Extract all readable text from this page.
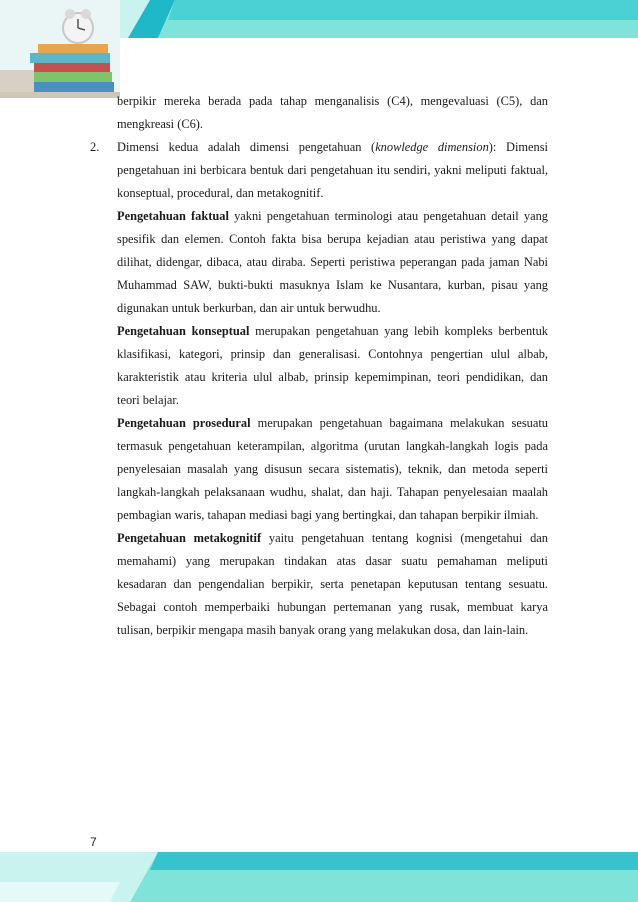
berpikir mereka berada pada tahap menganalisis (C4), mengevaluasi (C5), dan mengkreasi (C6).

2.	Dimensi kedua adalah dimensi pengetahuan (knowledge dimension): Dimensi pengetahuan ini berbicara bentuk dari pengetahuan itu sendiri, yakni meliputi faktual, konseptual, procedural, dan metakognitif.

Pengetahuan faktual yakni pengetahuan terminologi atau pengetahuan detail yang spesifik dan elemen. Contoh fakta bisa berupa kejadian atau peristiwa yang dapat dilihat, didengar, dibaca, atau diraba. Seperti peristiwa peperangan pada jaman Nabi Muhammad SAW, bukti-bukti masuknya Islam ke Nusantara, kurban, pisau yang digunakan untuk berkurban, dan air untuk berwudhu.

Pengetahuan konseptual merupakan pengetahuan yang lebih kompleks berbentuk klasifikasi, kategori, prinsip dan generalisasi. Contohnya pengertian ulul albab, karakteristik atau kriteria ulul albab, prinsip kepemimpinan, teori pendidikan, dan teori belajar.

Pengetahuan prosedural merupakan pengetahuan bagaimana melakukan sesuatu termasuk pengetahuan keterampilan, algoritma (urutan langkah-langkah logis pada penyelesaian masalah yang disusun secara sistematis), teknik, dan metoda seperti langkah-langkah pelaksanaan wudhu, shalat, dan haji. Tahapan penyelesaian maalah pembagian waris, tahapan mediasi bagi yang bertingkai, dan tahapan berpikir ilmiah.

Pengetahuan metakognitif yaitu pengetahuan tentang kognisi (mengetahui dan memahami) yang merupakan tindakan atas dasar suatu pemahaman meliputi kesadaran dan pengendalian berpikir, serta penetapan keputusan tentang sesuatu. Sebagai contoh memperbaiki hubungan pertemanan yang rusak, membuat karya tulisan, berpikir mengapa masih banyak orang yang melakukan dosa, dan lain-lain.

7
